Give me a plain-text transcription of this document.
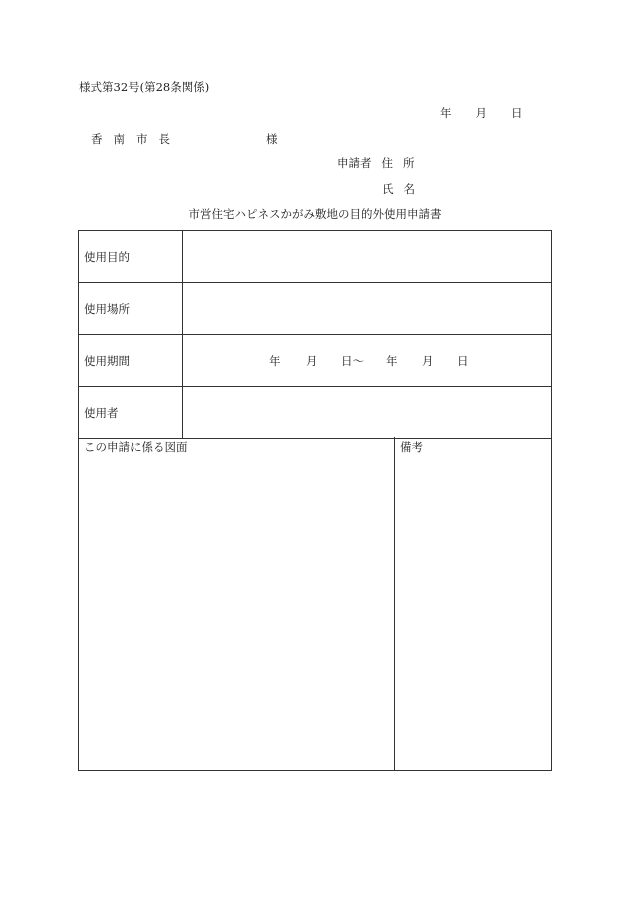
様式第32号(第28条関係)
年 月 日
香南市長	様
申請者 住所
氏名
市営住宅ハピネスかがみ敷地の目的外使用申請書
使用目的
使用場所
使用期間	年 月 日〜 年 月 日
使用者
この申請に係る図面	備考
